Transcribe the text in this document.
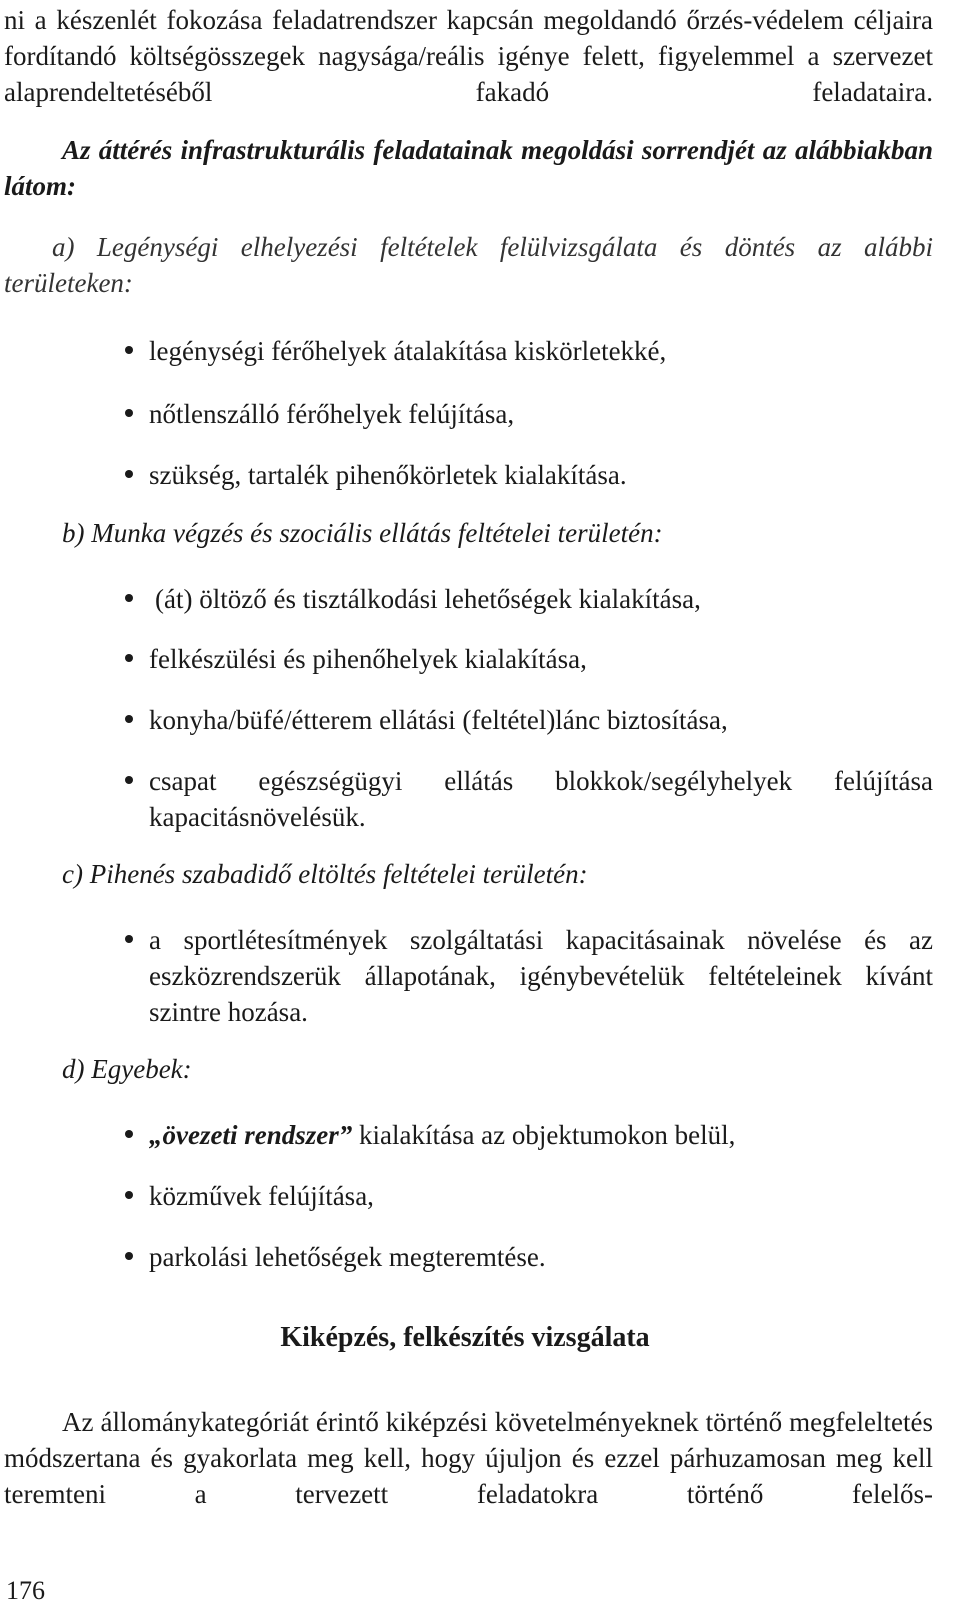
ni a készenlét fokozása feladatrendszer kapcsán megoldandó őrzés-védelem céljaira fordítandó költségösszegek nagysága/reális igénye felett, figyelemmel a szervezet alaprendeltetéséből fakadó feladataira.

Az áttérés infrastrukturális feladatainak megoldási sorrendjét az alábbiakban látom:

a) Legénységi elhelyezési feltételek felülvizsgálata és döntés az alábbi területeken:

legénységi férőhelyek átalakítása kiskörletekké,
nőtlenszálló férőhelyek felújítása,
szükség, tartalék pihenőkörletek kialakítása.

b) Munka végzés és szociális ellátás feltételei területén:

(át) öltöző és tisztálkodási lehetőségek kialakítása,
felkészülési és pihenőhelyek kialakítása,
konyha/büfé/étterem ellátási (feltétel)lánc biztosítása,
csapat egészségügyi ellátás blokkok/segélyhelyek felújítása kapacitásnövelésük.

c) Pihenés szabadidő eltöltés feltételei területén:

a sportlétesítmények szolgáltatási kapacitásainak növelése és az eszközrendszerük állapotának, igénybevételük feltételeinek kívánt szintre hozása.

d) Egyebek:

„övezeti rendszer” kialakítása az objektumokon belül,
közművek felújítása,
parkolási lehetőségek megteremtése.
Kiképzés, felkészítés vizsgálata

Az állománykategóriát érintő kiképzési követelményeknek történő megfeleltetés módszertana és gyakorlata meg kell, hogy újuljon és ezzel párhuzamosan meg kell teremteni a tervezett feladatokra történő felelős-

176
